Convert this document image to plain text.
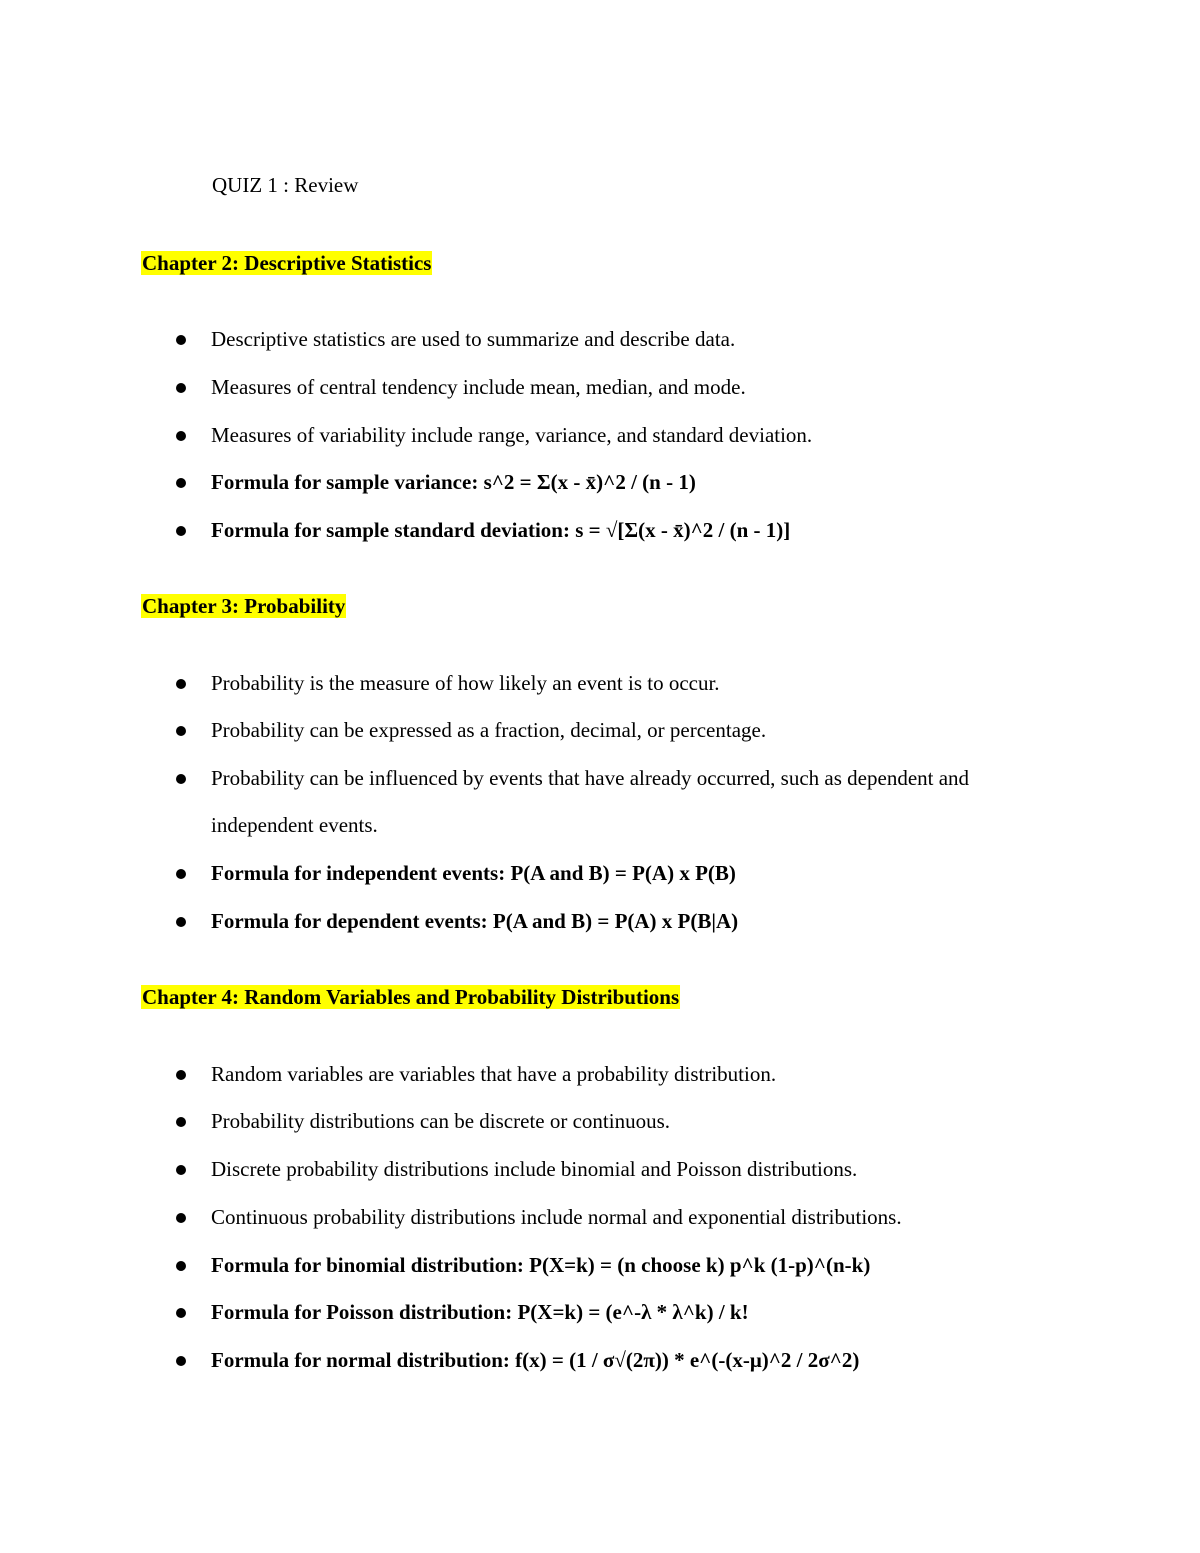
QUIZ 1 : Review
Chapter 2: Descriptive Statistics
Descriptive statistics are used to summarize and describe data.
Measures of central tendency include mean, median, and mode.
Measures of variability include range, variance, and standard deviation.
Formula for sample variance: s^2 = Σ(x - x̄)^2 / (n - 1)
Formula for sample standard deviation: s = √[Σ(x - x̄)^2 / (n - 1)]
Chapter 3: Probability
Probability is the measure of how likely an event is to occur.
Probability can be expressed as a fraction, decimal, or percentage.
Probability can be influenced by events that have already occurred, such as dependent and independent events.
Formula for independent events: P(A and B) = P(A) x P(B)
Formula for dependent events: P(A and B) = P(A) x P(B|A)
Chapter 4: Random Variables and Probability Distributions
Random variables are variables that have a probability distribution.
Probability distributions can be discrete or continuous.
Discrete probability distributions include binomial and Poisson distributions.
Continuous probability distributions include normal and exponential distributions.
Formula for binomial distribution: P(X=k) = (n choose k) p^k (1-p)^(n-k)
Formula for Poisson distribution: P(X=k) = (e^-λ * λ^k) / k!
Formula for normal distribution: f(x) = (1 / σ√(2π)) * e^(-(x-μ)^2 / 2σ^2)
